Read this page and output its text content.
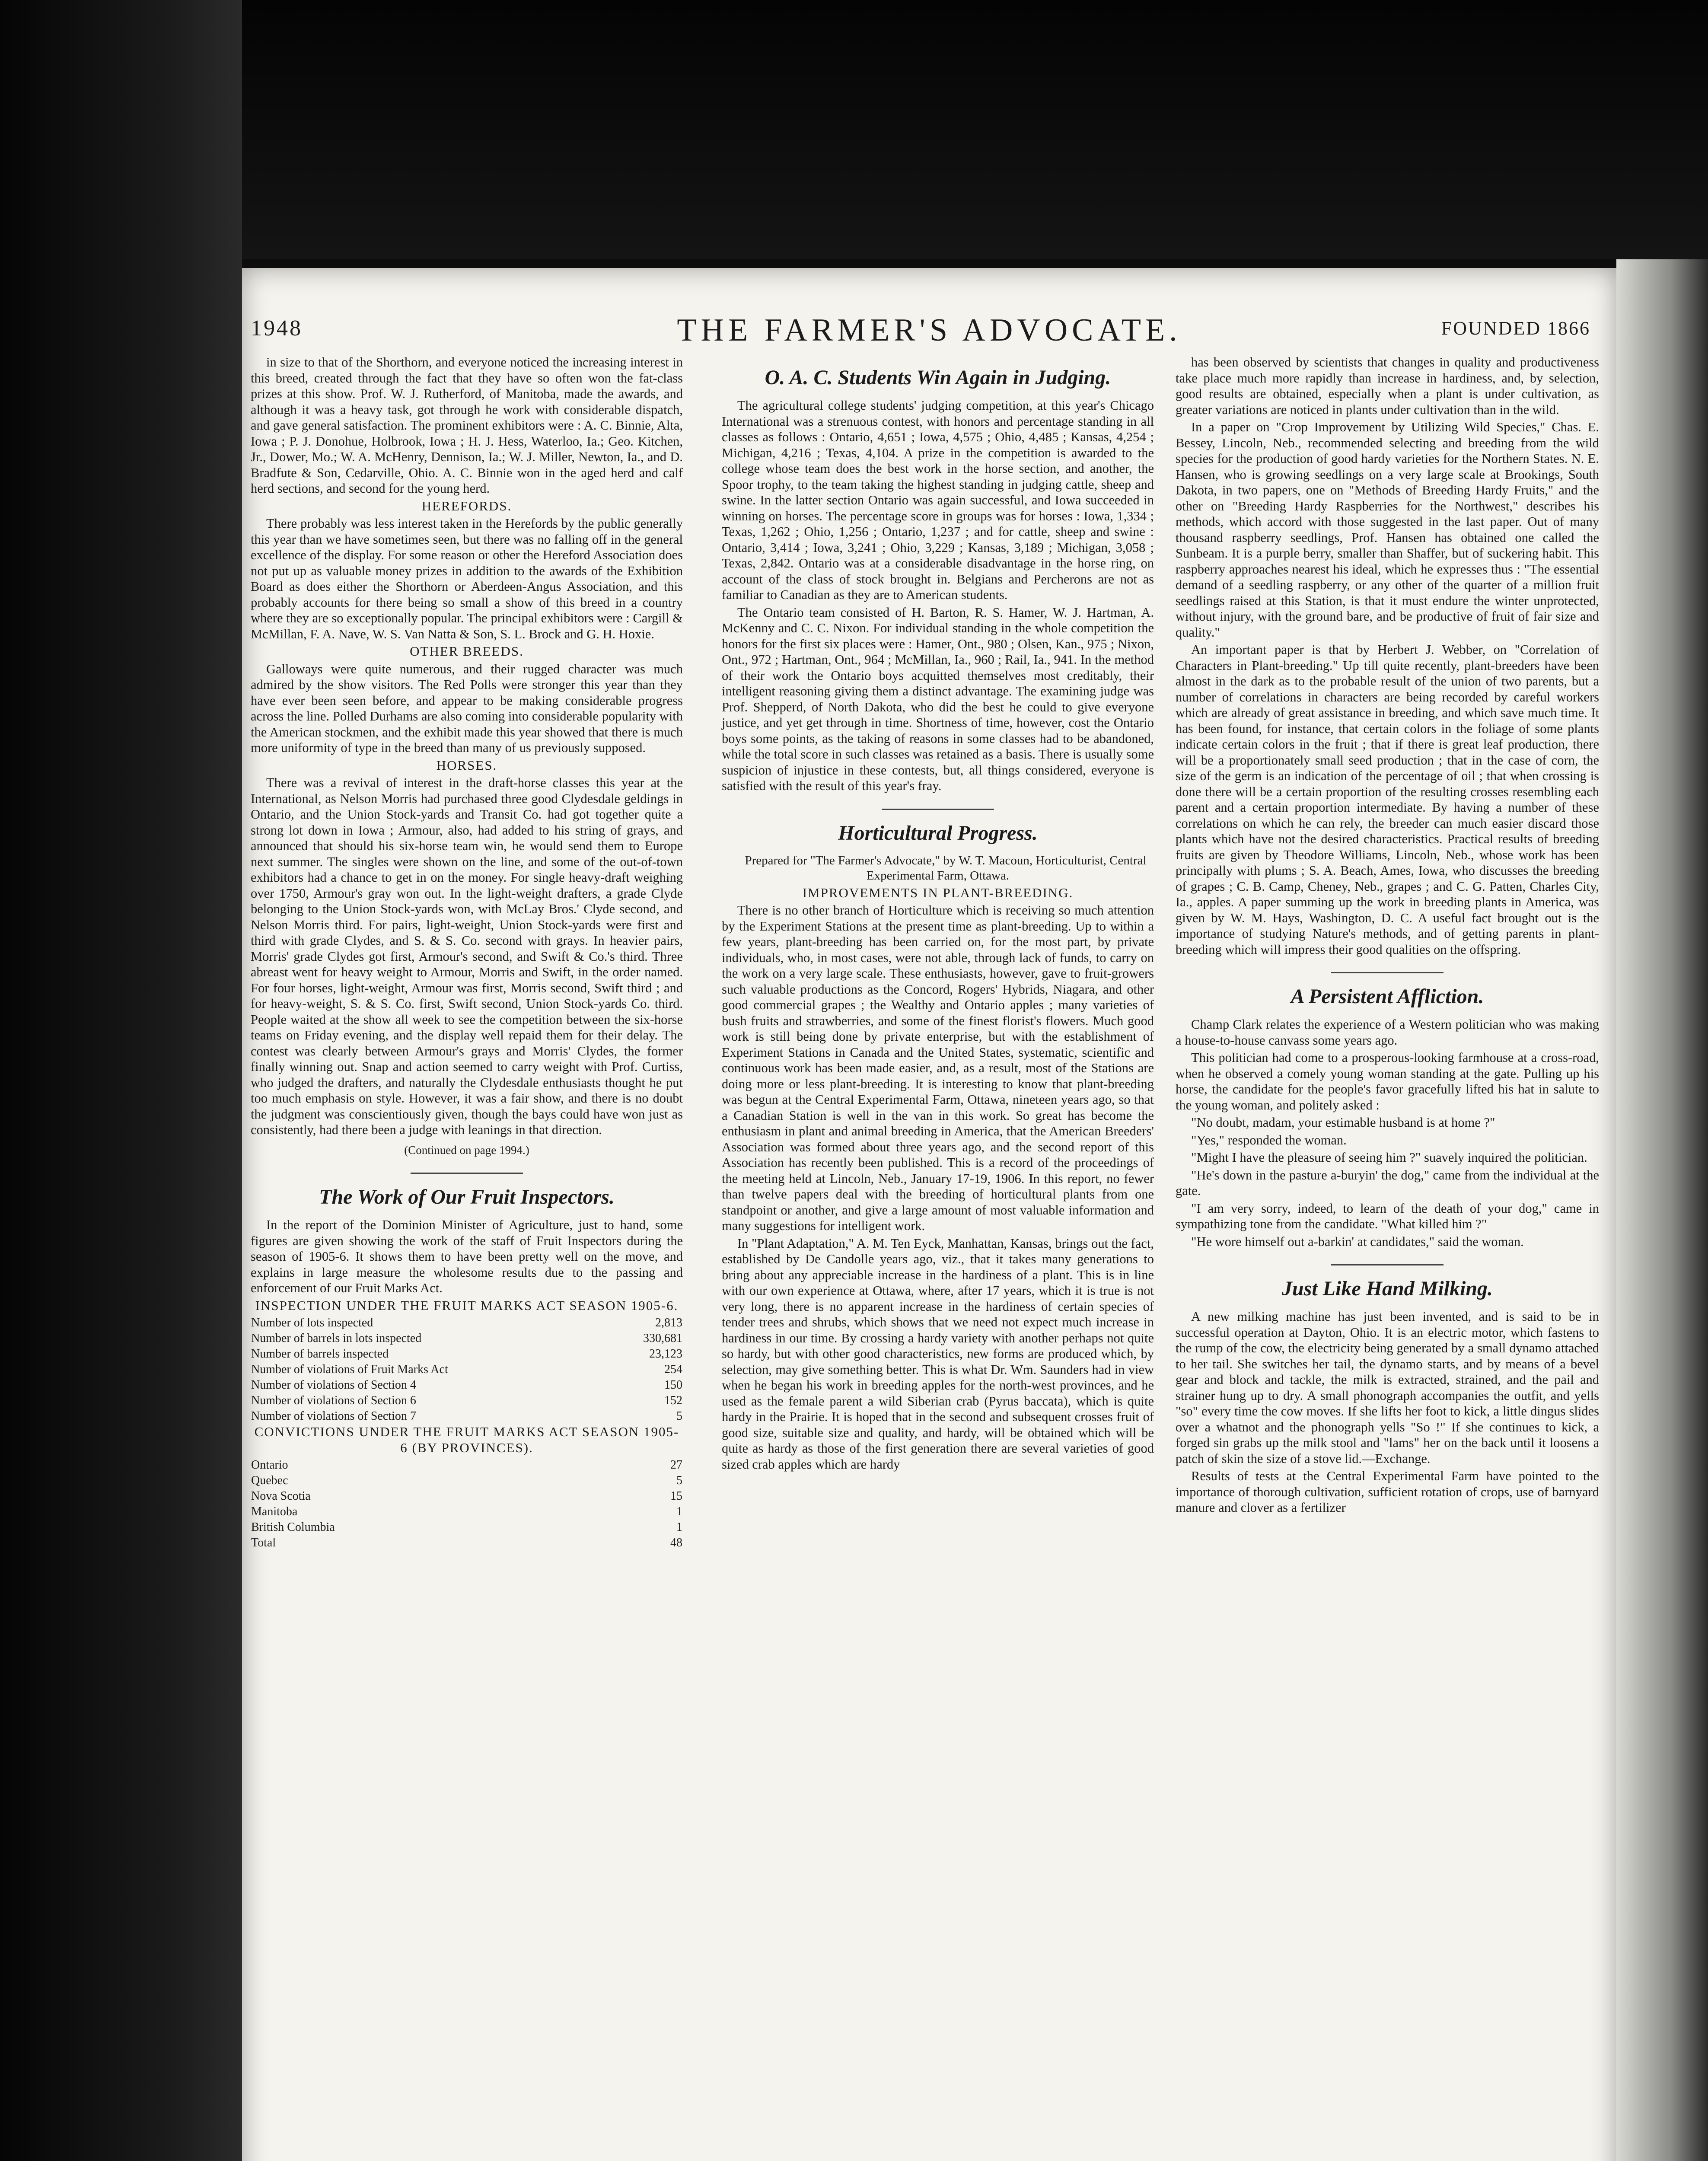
1948	THE FARMER'S ADVOCATE.	FOUNDED 1866

in size to that of the Shorthorn, and everyone noticed the increasing interest in this breed, created through the fact that they have so often won the fat-class prizes at this show. Prof. W. J. Rutherford, of Manitoba, made the awards, and although it was a heavy task, got through he work with considerable dispatch, and gave general satisfaction. The prominent exhibitors were : A. C. Binnie, Alta, Iowa ; P. J. Donohue, Holbrook, Iowa ; H. J. Hess, Waterloo, Ia.; Geo. Kitchen, Jr., Dower, Mo.; W. A. McHenry, Dennison, Ia.; W. J. Miller, Newton, Ia., and D. Bradfute & Son, Cedarville, Ohio. A. C. Binnie won in the aged herd and calf herd sections, and second for the young herd.

HEREFORDS.

There probably was less interest taken in the Herefords by the public generally this year than we have sometimes seen, but there was no falling off in the general excellence of the display. For some reason or other the Hereford Association does not put up as valuable money prizes in addition to the awards of the Exhibition Board as does either the Shorthorn or Aberdeen-Angus Association, and this probably accounts for there being so small a show of this breed in a country where they are so exceptionally popular. The principal exhibitors were : Cargill & McMillan, F. A. Nave, W. S. Van Natta & Son, S. L. Brock and G. H. Hoxie.

OTHER BREEDS.

Galloways were quite numerous, and their rugged character was much admired by the show visitors. The Red Polls were stronger this year than they have ever been seen before, and appear to be making considerable progress across the line. Polled Durhams are also coming into considerable popularity with the American stockmen, and the exhibit made this year showed that there is much more uniformity of type in the breed than many of us previously supposed.

HORSES.

There was a revival of interest in the draft-horse classes this year at the International, as Nelson Morris had purchased three good Clydesdale geldings in Ontario, and the Union Stock-yards and Transit Co. had got together quite a strong lot down in Iowa ; Armour, also, had added to his string of grays, and announced that should his six-horse team win, he would send them to Europe next summer. The singles were shown on the line, and some of the out-of-town exhibitors had a chance to get in on the money. For single heavy-draft weighing over 1750, Armour's gray won out. In the light-weight drafters, a grade Clyde belonging to the Union Stock-yards won, with McLay Bros.' Clyde second, and Nelson Morris third. For pairs, light-weight, Union Stock-yards were first and third with grade Clydes, and S. & S. Co. second with grays. In heavier pairs, Morris' grade Clydes got first, Armour's second, and Swift & Co.'s third. Three abreast went for heavy weight to Armour, Morris and Swift, in the order named. For four horses, light-weight, Armour was first, Morris second, Swift third ; and for heavy-weight, S. & S. Co. first, Swift second, Union Stock-yards Co. third. People waited at the show all week to see the competition between the six-horse teams on Friday evening, and the display well repaid them for their delay. The contest was clearly between Armour's grays and Morris' Clydes, the former finally winning out. Snap and action seemed to carry weight with Prof. Curtiss, who judged the drafters, and naturally the Clydesdale enthusiasts thought he put too much emphasis on style. However, it was a fair show, and there is no doubt the judgment was conscientiously given, though the bays could have won just as consistently, had there been a judge with leanings in that direction.

(Continued on page 1994.)
The Work of Our Fruit Inspectors.

In the report of the Dominion Minister of Agriculture, just to hand, some figures are given showing the work of the staff of Fruit Inspectors during the season of 1905-6. It shows them to have been pretty well on the move, and explains in large measure the wholesome results due to the passing and enforcement of our Fruit Marks Act.

INSPECTION UNDER THE FRUIT MARKS ACT SEASON 1905-6.

Number of lots inspected	2,813
Number of barrels in lots inspected	330,681
Number of barrels inspected	23,123
Number of violations of Fruit Marks Act	254
Number of violations of Section 4	150
Number of violations of Section 6	152
Number of violations of Section 7	5

CONVICTIONS UNDER THE FRUIT MARKS ACT SEASON 1905-6 (BY PROVINCES).

Ontario	27
Quebec	5
Nova Scotia	15
Manitoba	1
British Columbia	1
Total	48
O. A. C. Students Win Again in Judging.

The agricultural college students' judging competition, at this year's Chicago International was a strenuous contest, with honors and percentage standing in all classes as follows : Ontario, 4,651 ; Iowa, 4,575 ; Ohio, 4,485 ; Kansas, 4,254 ; Michigan, 4,216 ; Texas, 4,104. A prize in the competition is awarded to the college whose team does the best work in the horse section, and another, the Spoor trophy, to the team taking the highest standing in judging cattle, sheep and swine. In the latter section Ontario was again successful, and Iowa succeeded in winning on horses. The percentage score in groups was for horses : Iowa, 1,334 ; Texas, 1,262 ; Ohio, 1,256 ; Ontario, 1,237 ; and for cattle, sheep and swine : Ontario, 3,414 ; Iowa, 3,241 ; Ohio, 3,229 ; Kansas, 3,189 ; Michigan, 3,058 ; Texas, 2,842. Ontario was at a considerable disadvantage in the horse ring, on account of the class of stock brought in. Belgians and Percherons are not as familiar to Canadian as they are to American students.

The Ontario team consisted of H. Barton, R. S. Hamer, W. J. Hartman, A. McKenny and C. C. Nixon. For individual standing in the whole competition the honors for the first six places were : Hamer, Ont., 980 ; Olsen, Kan., 975 ; Nixon, Ont., 972 ; Hartman, Ont., 964 ; McMillan, Ia., 960 ; Rail, Ia., 941. In the method of their work the Ontario boys acquitted themselves most creditably, their intelligent reasoning giving them a distinct advantage. The examining judge was Prof. Shepperd, of North Dakota, who did the best he could to give everyone justice, and yet get through in time. Shortness of time, however, cost the Ontario boys some points, as the taking of reasons in some classes had to be abandoned, while the total score in such classes was retained as a basis. There is usually some suspicion of injustice in these contests, but, all things considered, everyone is satisfied with the result of this year's fray.

Horticultural Progress.

Prepared for "The Farmer's Advocate," by W. T. Macoun, Horticulturist, Central Experimental Farm, Ottawa.

IMPROVEMENTS IN PLANT-BREEDING.

There is no other branch of Horticulture which is receiving so much attention by the Experiment Stations at the present time as plant-breeding. Up to within a few years, plant-breeding has been carried on, for the most part, by private individuals, who, in most cases, were not able, through lack of funds, to carry on the work on a very large scale. These enthusiasts, however, gave to fruit-growers such valuable productions as the Concord, Rogers' Hybrids, Niagara, and other good commercial grapes ; the Wealthy and Ontario apples ; many varieties of bush fruits and strawberries, and some of the finest florist's flowers. Much good work is still being done by private enterprise, but with the establishment of Experiment Stations in Canada and the United States, systematic, scientific and continuous work has been made easier, and, as a result, most of the Stations are doing more or less plant-breeding. It is interesting to know that plant-breeding was begun at the Central Experimental Farm, Ottawa, nineteen years ago, so that a Canadian Station is well in the van in this work. So great has become the enthusiasm in plant and animal breeding in America, that the American Breeders' Association was formed about three years ago, and the second report of this Association has recently been published. This is a record of the proceedings of the meeting held at Lincoln, Neb., January 17-19, 1906. In this report, no fewer than twelve papers deal with the breeding of horticultural plants from one standpoint or another, and give a large amount of most valuable information and many suggestions for intelligent work.

In "Plant Adaptation," A. M. Ten Eyck, Manhattan, Kansas, brings out the fact, established by De Candolle years ago, viz., that it takes many generations to bring about any appreciable increase in the hardiness of a plant. This is in line with our own experience at Ottawa, where, after 17 years, which it is true is not very long, there is no apparent increase in the hardiness of certain species of tender trees and shrubs, which shows that we need not expect much increase in hardiness in our time. By crossing a hardy variety with another perhaps not quite so hardy, but with other good characteristics, new forms are produced which, by selection, may give something better. This is what Dr. Wm. Saunders had in view when he began his work in breeding apples for the north-west provinces, and he used as the female parent a wild Siberian crab (Pyrus baccata), which is quite hardy in the Prairie. It is hoped that in the second and subsequent crosses fruit of good size, suitable size and quality, and hardy, will be obtained which will be quite as hardy as those of the first generation there are several varieties of good sized crab apples which are hardy

has been observed by scientists that changes in quality and productiveness take place much more rapidly than increase in hardiness, and, by selection, good results are obtained, especially when a plant is under cultivation, as greater variations are noticed in plants under cultivation than in the wild.

In a paper on "Crop Improvement by Utilizing Wild Species," Chas. E. Bessey, Lincoln, Neb., recommended selecting and breeding from the wild species for the production of good hardy varieties for the Northern States. N. E. Hansen, who is growing seedlings on a very large scale at Brookings, South Dakota, in two papers, one on "Methods of Breeding Hardy Fruits," and the other on "Breeding Hardy Raspberries for the Northwest," describes his methods, which accord with those suggested in the last paper. Out of many thousand raspberry seedlings, Prof. Hansen has obtained one called the Sunbeam. It is a purple berry, smaller than Shaffer, but of suckering habit. This raspberry approaches nearest his ideal, which he expresses thus : "The essential demand of a seedling raspberry, or any other of the quarter of a million fruit seedlings raised at this Station, is that it must endure the winter unprotected, without injury, with the ground bare, and be productive of fruit of fair size and quality."

An important paper is that by Herbert J. Webber, on "Correlation of Characters in Plant-breeding." Up till quite recently, plant-breeders have been almost in the dark as to the probable result of the union of two parents, but a number of correlations in characters are being recorded by careful workers which are already of great assistance in breeding, and which save much time. It has been found, for instance, that certain colors in the foliage of some plants indicate certain colors in the fruit ; that if there is great leaf production, there will be a proportionately small seed production ; that in the case of corn, the size of the germ is an indication of the percentage of oil ; that when crossing is done there will be a certain proportion of the resulting crosses resembling each parent and a certain proportion intermediate. By having a number of these correlations on which he can rely, the breeder can much easier discard those plants which have not the desired characteristics. Practical results of breeding fruits are given by Theodore Williams, Lincoln, Neb., whose work has been principally with plums ; S. A. Beach, Ames, Iowa, who discusses the breeding of grapes ; C. B. Camp, Cheney, Neb., grapes ; and C. G. Patten, Charles City, Ia., apples. A paper summing up the work in breeding plants in America, was given by W. M. Hays, Washington, D. C. A useful fact brought out is the importance of studying Nature's methods, and of getting parents in plant-breeding which will impress their good qualities on the offspring.

A Persistent Affliction.

Champ Clark relates the experience of a Western politician who was making a house-to-house canvass some years ago.

This politician had come to a prosperous-looking farmhouse at a cross-road, when he observed a comely young woman standing at the gate. Pulling up his horse, the candidate for the people's favor gracefully lifted his hat in salute to the young woman, and politely asked :

"No doubt, madam, your estimable husband is at home ?"

"Yes," responded the woman.

"Might I have the pleasure of seeing him ?" suavely inquired the politician.

"He's down in the pasture a-buryin' the dog," came from the individual at the gate.

"I am very sorry, indeed, to learn of the death of your dog," came in sympathizing tone from the candidate. "What killed him ?"

"He wore himself out a-barkin' at candidates," said the woman.

Just Like Hand Milking.

A new milking machine has just been invented, and is said to be in successful operation at Dayton, Ohio. It is an electric motor, which fastens to the rump of the cow, the electricity being generated by a small dynamo attached to her tail. She switches her tail, the dynamo starts, and by means of a bevel gear and block and tackle, the milk is extracted, strained, and the pail and strainer hung up to dry. A small phonograph accompanies the outfit, and yells "so" every time the cow moves. If she lifts her foot to kick, a little dingus slides over a whatnot and the phonograph yells "So !" If she continues to kick, a forged sin grabs up the milk stool and "lams" her on the back until it loosens a patch of skin the size of a stove lid.—Exchange.

Results of tests at the Central Experimental Farm have pointed to the importance of thorough cultivation, sufficient rotation of crops, use of barnyard manure and clover as a fertilizer
